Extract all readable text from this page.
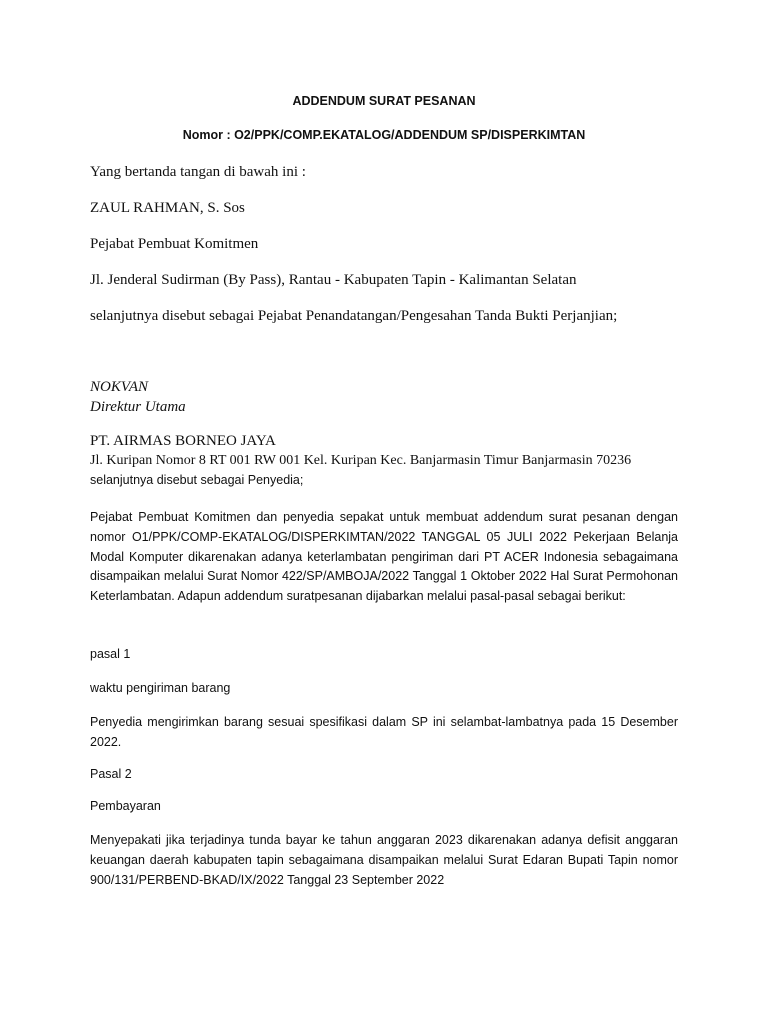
ADDENDUM SURAT PESANAN

Nomor : O2/PPK/COMP.EKATALOG/ADDENDUM SP/DISPERKIMTAN

Yang bertanda tangan di bawah ini :

ZAUL RAHMAN, S. Sos

Pejabat Pembuat Komitmen

Jl. Jenderal Sudirman (By Pass), Rantau - Kabupaten Tapin - Kalimantan Selatan

selanjutnya disebut sebagai Pejabat Penandatangan/Pengesahan Tanda Bukti Perjanjian;

NOKVAN

Direktur Utama

PT. AIRMAS BORNEO JAYA

Jl. Kuripan Nomor 8 RT 001 RW 001 Kel. Kuripan Kec. Banjarmasin Timur Banjarmasin 70236

selanjutnya disebut sebagai Penyedia;

Pejabat Pembuat Komitmen dan penyedia sepakat untuk membuat addendum surat pesanan dengan nomor O1/PPK/COMP-EKATALOG/DISPERKIMTAN/2022 TANGGAL 05 JULI 2022 Pekerjaan Belanja Modal Komputer dikarenakan adanya keterlambatan pengiriman dari PT ACER Indonesia sebagaimana disampaikan melalui Surat Nomor 422/SP/AMBOJA/2022 Tanggal 1 Oktober 2022 Hal Surat Permohonan Keterlambatan. Adapun addendum suratpesanan dijabarkan melalui pasal-pasal sebagai berikut:

pasal 1

waktu pengiriman barang

Penyedia mengirimkan barang sesuai spesifikasi dalam SP ini selambat-lambatnya pada 15 Desember 2022.

Pasal 2

Pembayaran

Menyepakati jika terjadinya tunda bayar ke tahun anggaran 2023 dikarenakan adanya defisit anggaran keuangan daerah kabupaten tapin sebagaimana disampaikan melalui Surat Edaran Bupati Tapin nomor 900/131/PERBEND-BKAD/IX/2022 Tanggal 23 September 2022
